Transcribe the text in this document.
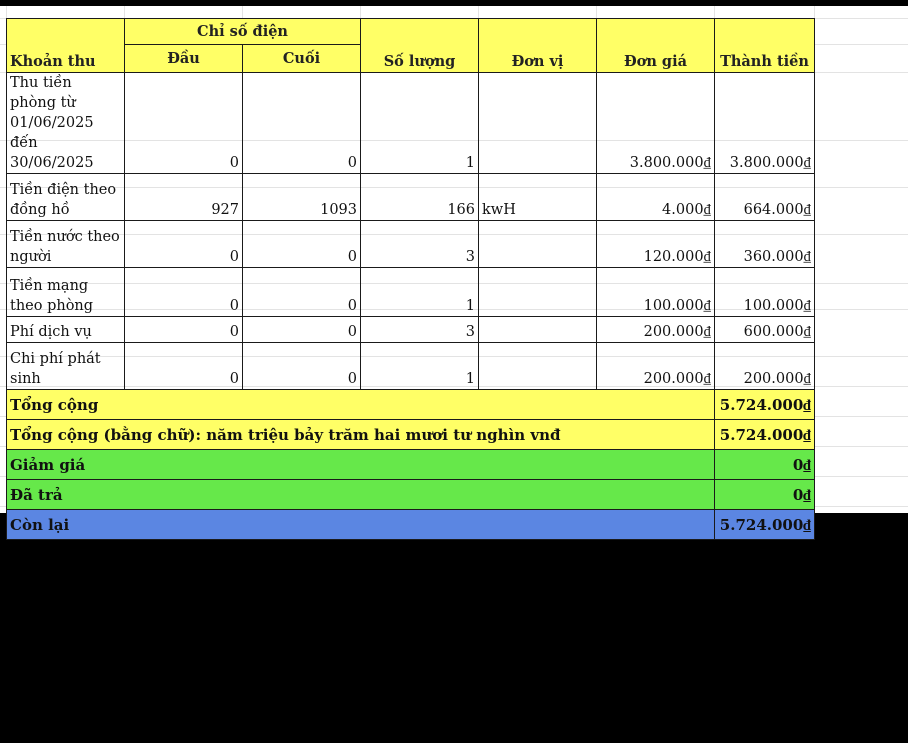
Khoản thu	Chỉ số điện		Số lượng	Đơn vị	Đơn giá	Thành tiền
	Đầu	Cuối				
Thu tiền phòng từ 01/06/2025 đến 30/06/2025	0	0	1		3.800.000₫	3.800.000₫
Tiền điện theo đồng hồ	927	1093	166	kwH	4.000₫	664.000₫
Tiền nước theo người	0	0	3		120.000₫	360.000₫
Tiền mạng theo phòng	0	0	1		100.000₫	100.000₫
Phí dịch vụ	0	0	3		200.000₫	600.000₫
Chi phí phát sinh	0	0	1		200.000₫	200.000₫
Tổng cộng						5.724.000₫
Tổng cộng (bằng chữ): năm triệu bảy trăm hai mươi tư nghìn vnđ						5.724.000₫
Giảm giá						0₫
Đã trả						0₫
Còn lại						5.724.000₫
